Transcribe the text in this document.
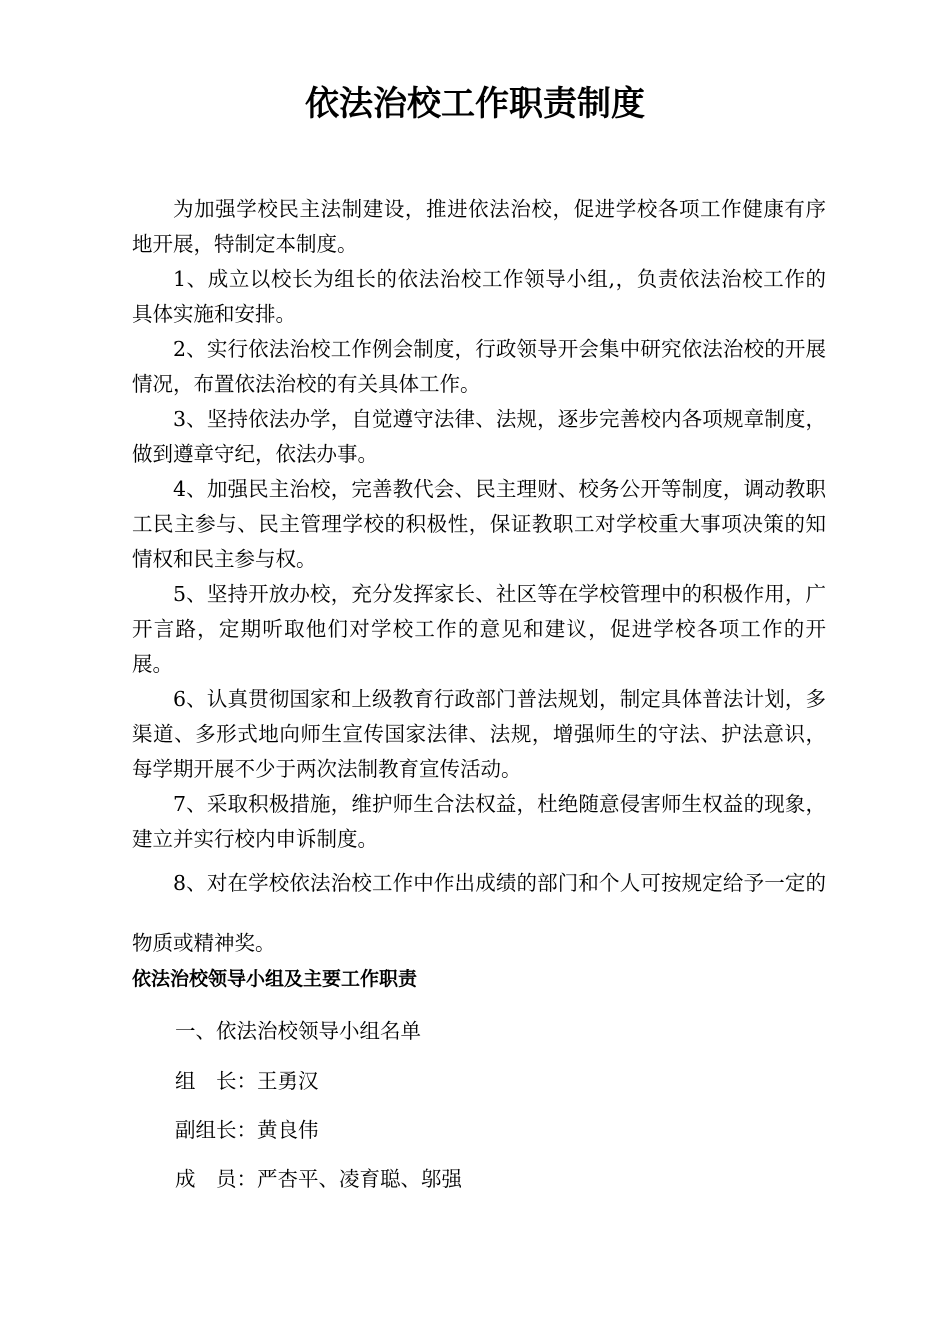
依法治校工作职责制度

为加强学校民主法制建设，推进依法治校，促进学校各项工作健康有序地开展，特制定本制度。

1、成立以校长为组长的依法治校工作领导小组,，负责依法治校工作的具体实施和安排。

2、实行依法治校工作例会制度，行政领导开会集中研究依法治校的开展情况，布置依法治校的有关具体工作。

3、坚持依法办学，自觉遵守法律、法规，逐步完善校内各项规章制度，做到遵章守纪，依法办事。

4、加强民主治校，完善教代会、民主理财、校务公开等制度，调动教职工民主参与、民主管理学校的积极性，保证教职工对学校重大事项决策的知情权和民主参与权。

5、坚持开放办校，充分发挥家长、社区等在学校管理中的积极作用，广开言路，定期听取他们对学校工作的意见和建议，促进学校各项工作的开展。

6、认真贯彻国家和上级教育行政部门普法规划，制定具体普法计划，多渠道、多形式地向师生宣传国家法律、法规，增强师生的守法、护法意识，每学期开展不少于两次法制教育宣传活动。

7、采取积极措施，维护师生合法权益，杜绝随意侵害师生权益的现象，建立并实行校内申诉制度。

8、对在学校依法治校工作中作出成绩的部门和个人可按规定给予一定的物质或精神奖。

依法治校领导小组及主要工作职责

一、依法治校领导小组名单

组　长：王勇汉

副组长：黄良伟

成　员：严杏平、凌育聪、邬强
